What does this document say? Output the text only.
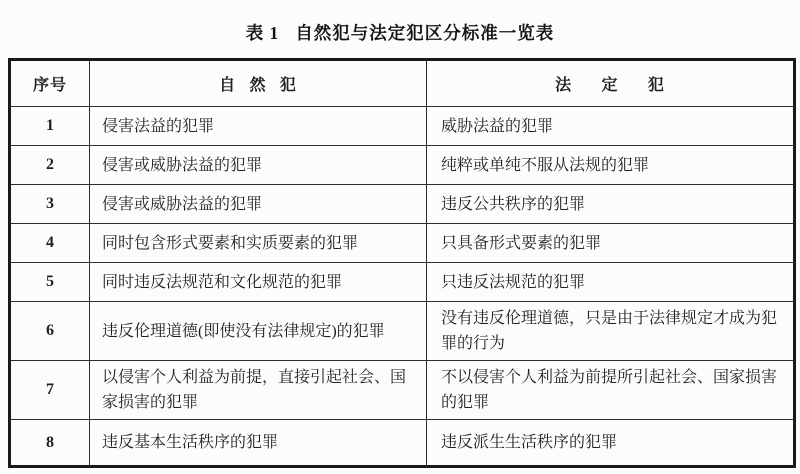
表 1 自然犯与法定犯区分标准一览表
序号	自然犯	法定犯
1	侵害法益的犯罪	威胁法益的犯罪
2	侵害或威胁法益的犯罪	纯粹或单纯不服从法规的犯罪
3	侵害或威胁法益的犯罪	违反公共秩序的犯罪
4	同时包含形式要素和实质要素的犯罪	只具备形式要素的犯罪
5	同时违反法规范和文化规范的犯罪	只违反法规范的犯罪
6	违反伦理道德(即使没有法律规定)的犯罪	没有违反伦理道德，只是由于法律规定才成为犯罪的行为
7	以侵害个人利益为前提，直接引起社会、国家损害的犯罪	不以侵害个人利益为前提所引起社会、国家损害的犯罪
8	违反基本生活秩序的犯罪	违反派生生活秩序的犯罪
